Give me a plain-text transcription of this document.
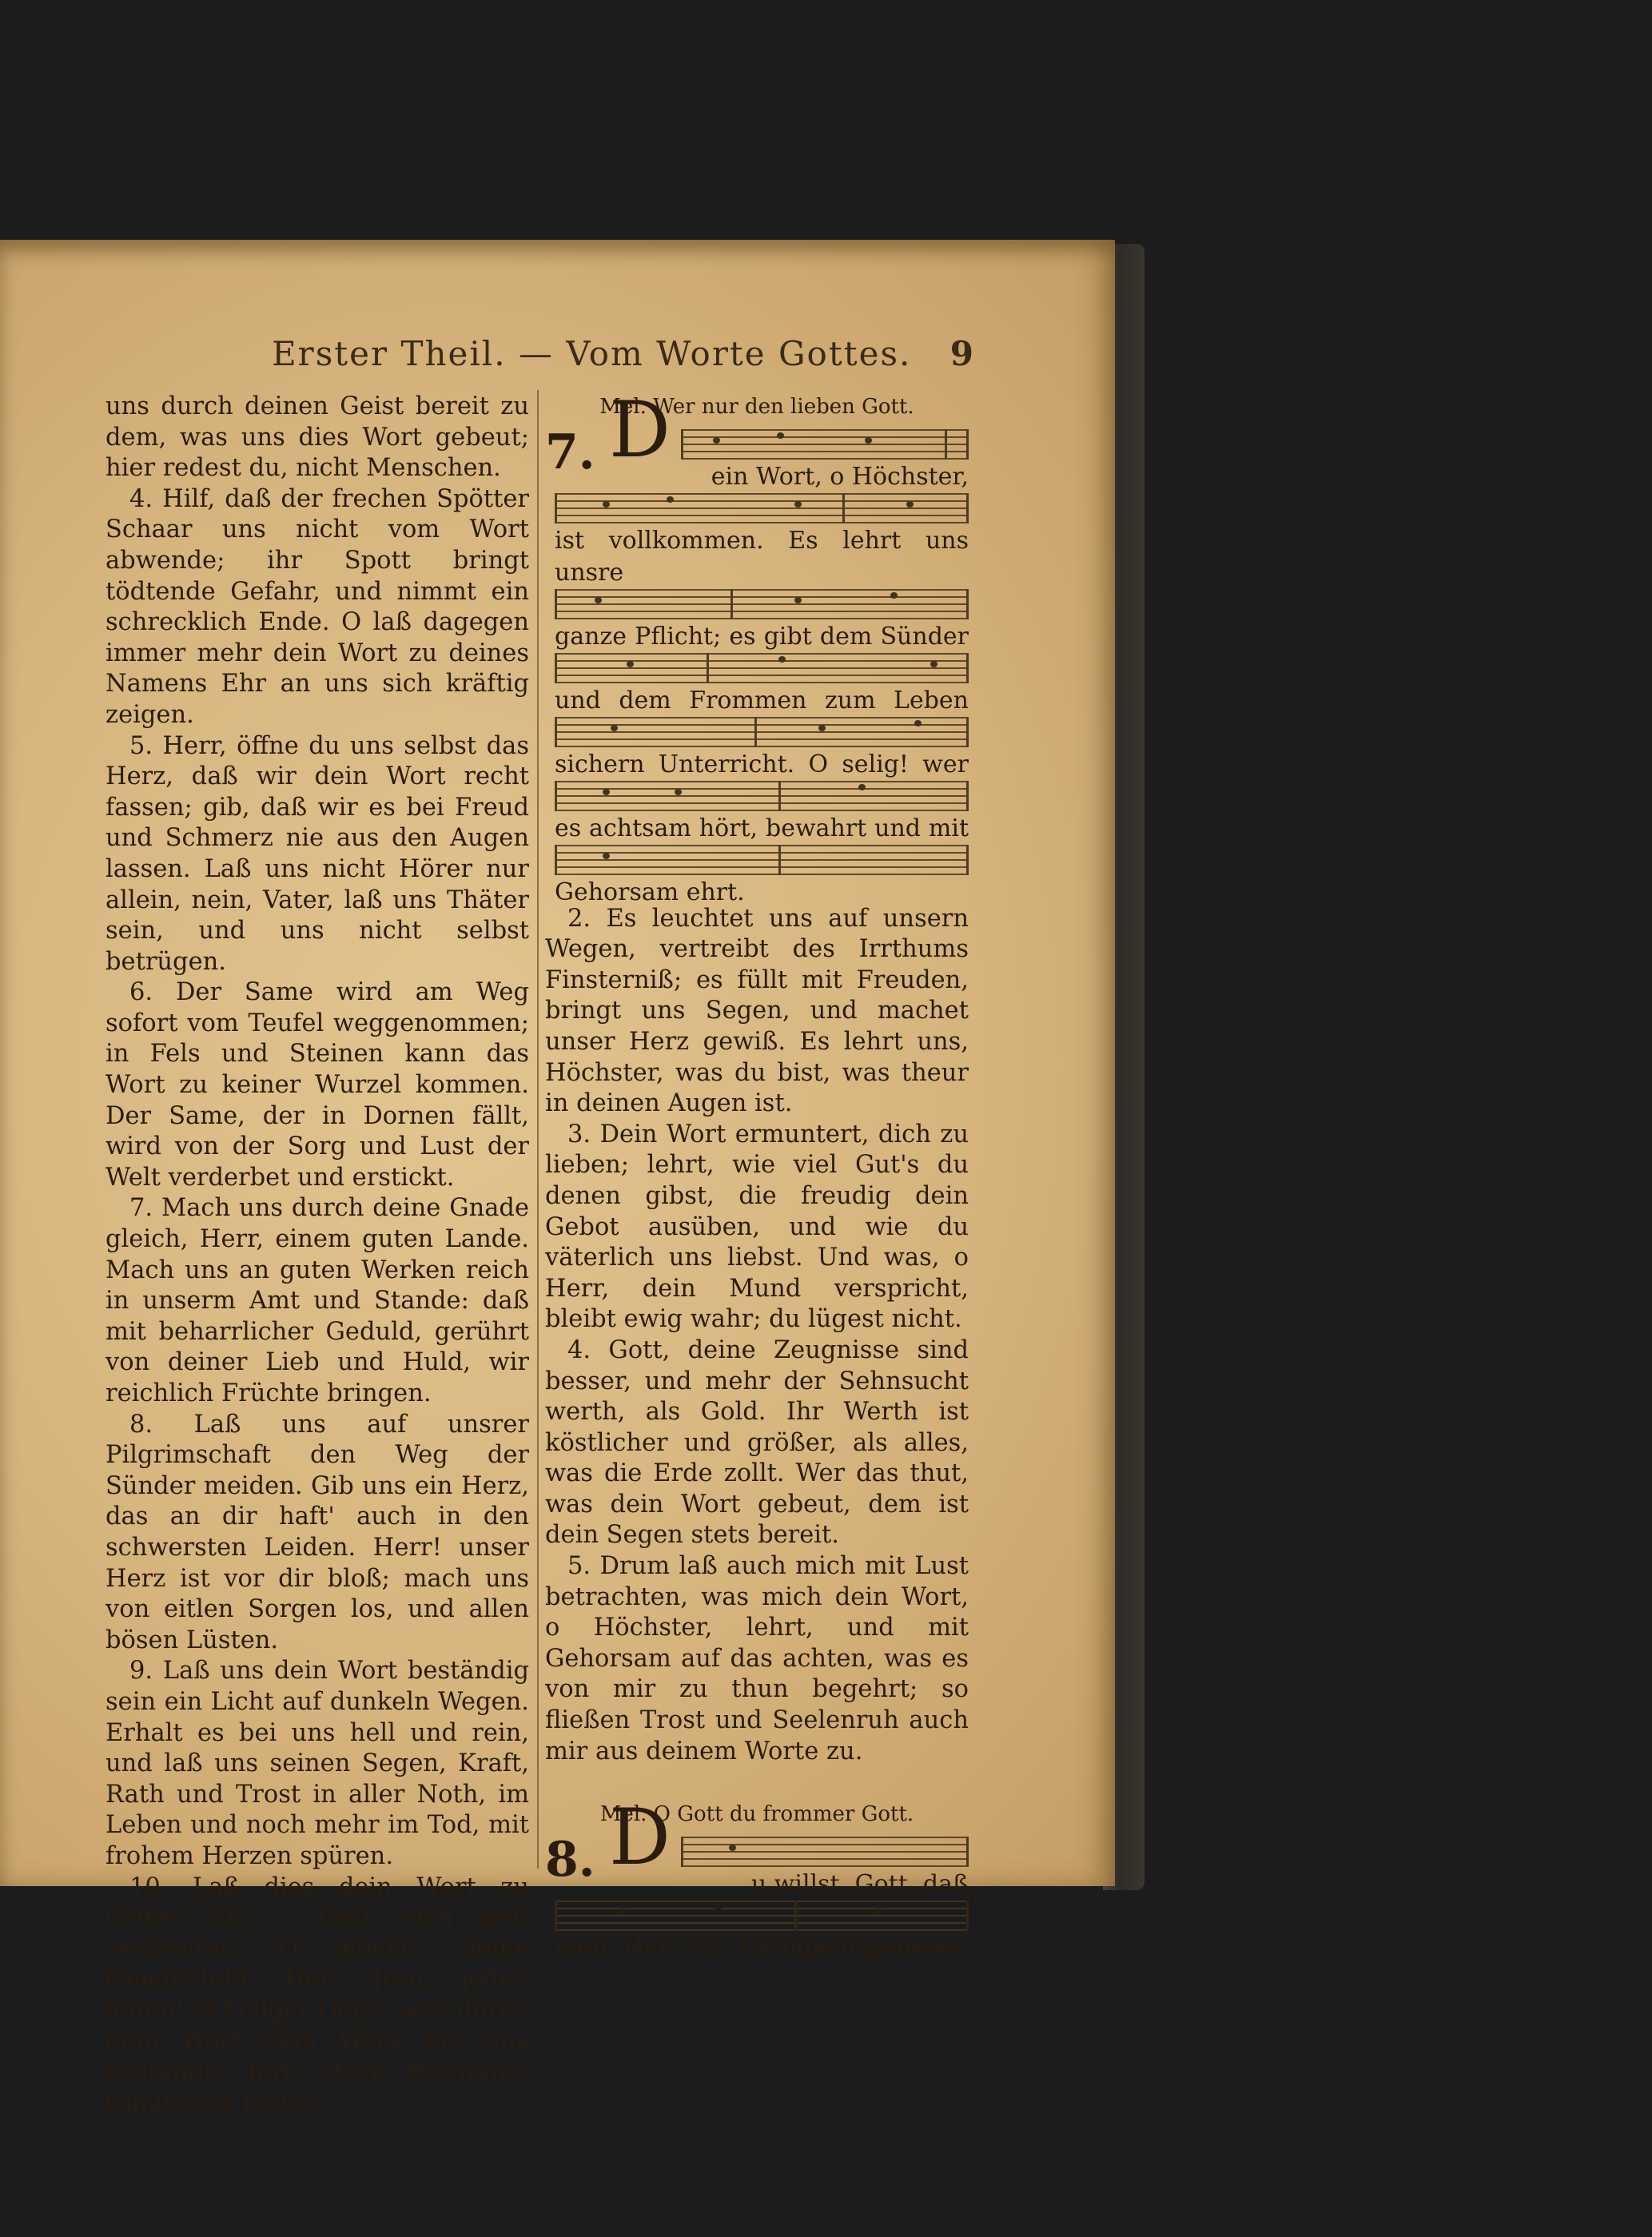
Erster Theil. — Vom Worte Gottes. 9

uns durch deinen Geist bereit zu dem, was uns dies Wort gebeut; hier redest du, nicht Menschen.

4. Hilf, daß der frechen Spötter Schaar uns nicht vom Wort abwende; ihr Spott bringt tödtende Gefahr, und nimmt ein schrecklich Ende. O laß dagegen immer mehr dein Wort zu deines Namens Ehr an uns sich kräftig zeigen.

5. Herr, öffne du uns selbst das Herz, daß wir dein Wort recht fassen; gib, daß wir es bei Freud und Schmerz nie aus den Augen lassen. Laß uns nicht Hörer nur allein, nein, Vater, laß uns Thäter sein, und uns nicht selbst betrügen.

6. Der Same wird am Weg sofort vom Teufel weggenommen; in Fels und Steinen kann das Wort zu keiner Wurzel kommen. Der Same, der in Dornen fällt, wird von der Sorg und Lust der Welt verderbet und erstickt.

7. Mach uns durch deine Gnade gleich, Herr, einem guten Lande. Mach uns an guten Werken reich in unserm Amt und Stande: daß mit beharrlicher Geduld, gerührt von deiner Lieb und Huld, wir reichlich Früchte bringen.

8. Laß uns auf unsrer Pilgrimschaft den Weg der Sünder meiden. Gib uns ein Herz, das an dir haft' auch in den schwersten Leiden. Herr! unser Herz ist vor dir bloß; mach uns von eitlen Sorgen los, und allen bösen Lüsten.

9. Laß uns dein Wort beständig sein ein Licht auf dunkeln Wegen. Erhalt es bei uns hell und rein, und laß uns seinen Segen, Kraft, Rath und Trost in aller Noth, im Leben und noch mehr im Tod, mit frohem Herzen spüren.

10. Laß dies dein Wort zu deiner Ehr, o Gott, sich weit verbreiten. O möchte deine Gnadenlehr, Herr Jesu, jeden leiten! O heilger Geist, setz durch dein Wort dein Werk bei uns beständig fort; stärk Hoffnung, Glaub und Liebe.

Mel. Wer nur den lieben Gott.
7. D
ein Wort, o Höchster,
ist vollkommen. Es lehrt uns unsre
ganze Pflicht; es gibt dem Sünder
und dem Frommen zum Leben
sichern Unterricht. O selig! wer
es achtsam hört, bewahrt und mit
Gehorsam ehrt.

2. Es leuchtet uns auf unsern Wegen, vertreibt des Irrthums Finsterniß; es füllt mit Freuden, bringt uns Segen, und machet unser Herz gewiß. Es lehrt uns, Höchster, was du bist, was theur in deinen Augen ist.

3. Dein Wort ermuntert, dich zu lieben; lehrt, wie viel Gut's du denen gibst, die freudig dein Gebot ausüben, und wie du väterlich uns liebst. Und was, o Herr, dein Mund verspricht, bleibt ewig wahr; du lügest nicht.

4. Gott, deine Zeugnisse sind besser, und mehr der Sehnsucht werth, als Gold. Ihr Werth ist köstlicher und größer, als alles, was die Erde zollt. Wer das thut, was dein Wort gebeut, dem ist dein Segen stets bereit.

5. Drum laß auch mich mit Lust betrachten, was mich dein Wort, o Höchster, lehrt, und mit Gehorsam auf das achten, was es von mir zu thun begehrt; so fließen Trost und Seelenruh auch mir aus deinem Worte zu.

Mel. O Gott du frommer Gott.
8. D
u willst, Gott, daß
mein Herz zur Heiligkeit gene-se;
